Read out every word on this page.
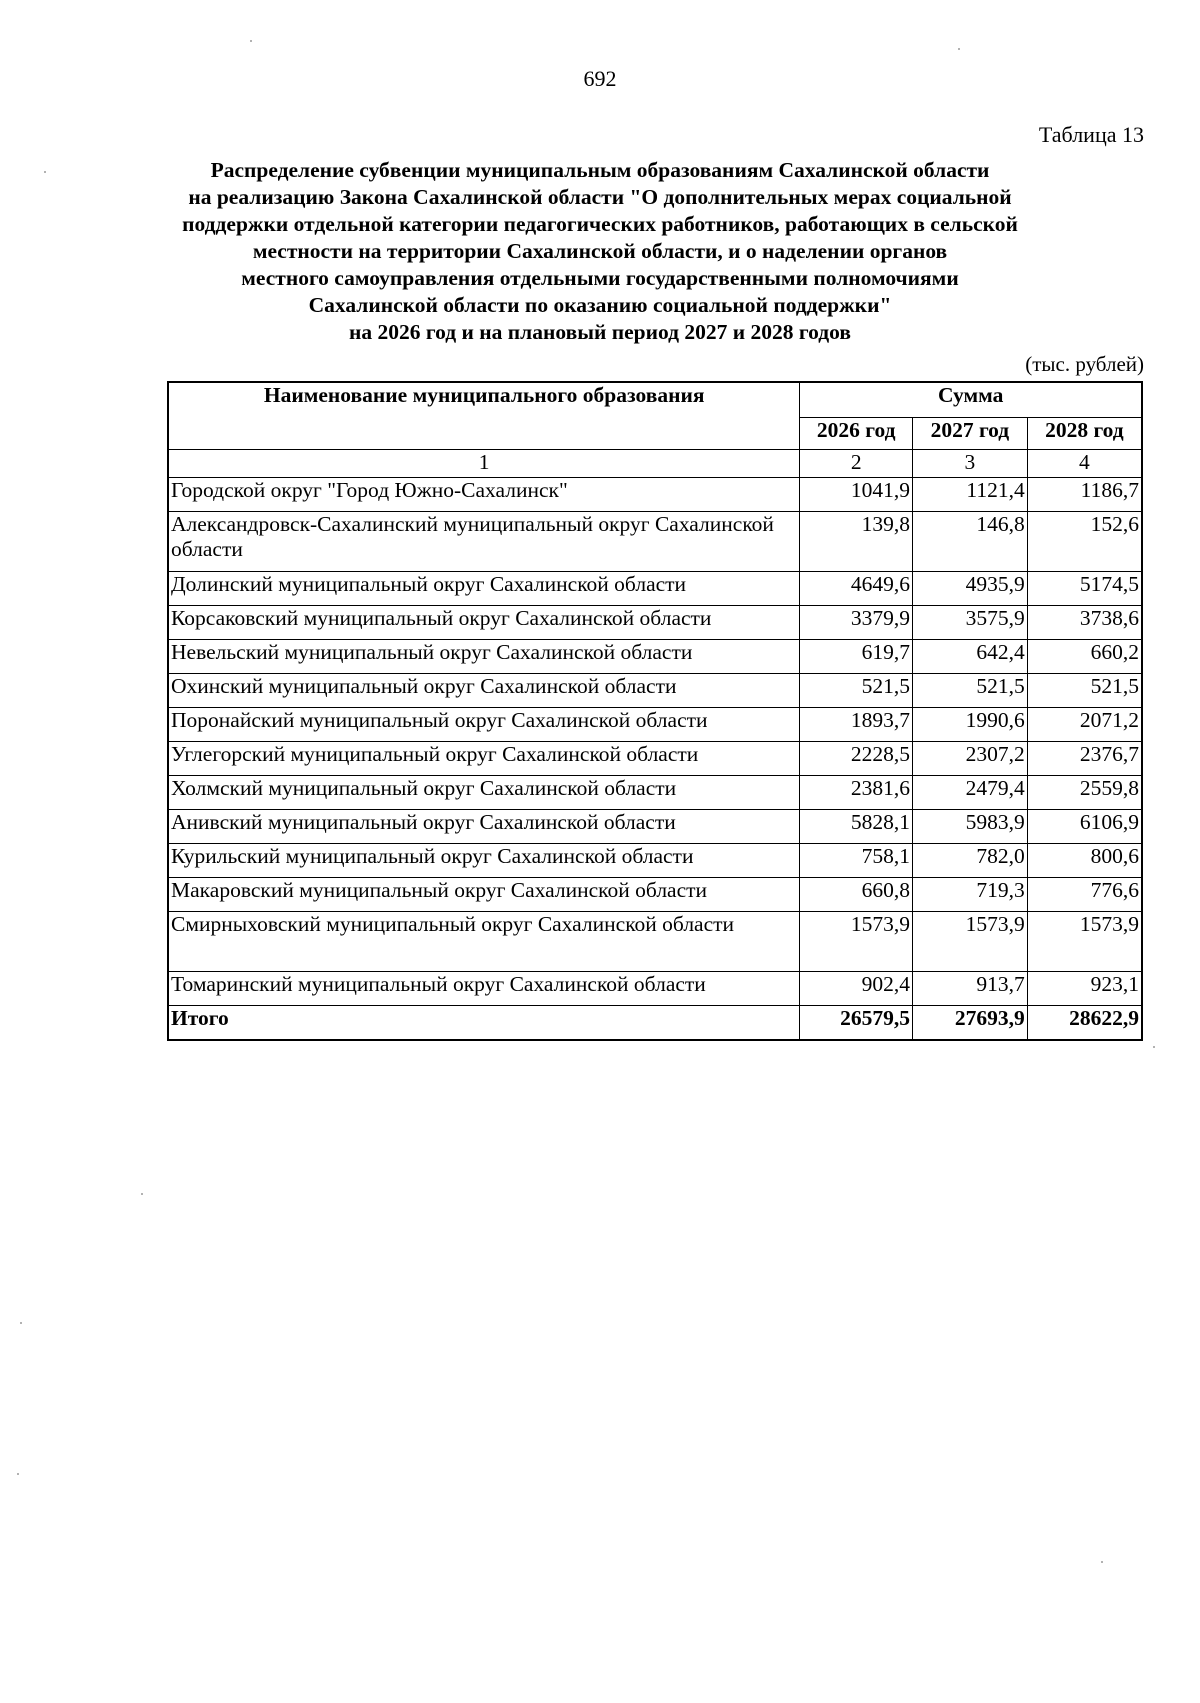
692
Таблица 13
Распределение субвенции муниципальным образованиям Сахалинской области
на реализацию Закона Сахалинской области "О дополнительных мерах социальной
поддержки отдельной категории педагогических работников, работающих в сельской
местности на территории Сахалинской области, и о наделении органов
местного самоуправления отдельными государственными полномочиями
Сахалинской области по оказанию социальной поддержки"
на 2026 год и на плановый период 2027 и 2028 годов
(тыс. рублей)
Наименование муниципального образования	Сумма		
	2026 год	2027 год	2028 год
1	2	3	4
Городской округ "Город Южно-Сахалинск"	1041,9	1121,4	1186,7
Александровск-Сахалинский муниципальный округ Сахалинской области	139,8	146,8	152,6
Долинский муниципальный округ Сахалинской области	4649,6	4935,9	5174,5
Корсаковский муниципальный округ Сахалинской области	3379,9	3575,9	3738,6
Невельский муниципальный округ Сахалинской области	619,7	642,4	660,2
Охинский муниципальный округ Сахалинской области	521,5	521,5	521,5
Поронайский муниципальный округ Сахалинской области	1893,7	1990,6	2071,2
Углегорский муниципальный округ Сахалинской области	2228,5	2307,2	2376,7
Холмский муниципальный округ Сахалинской области	2381,6	2479,4	2559,8
Анивский муниципальный округ Сахалинской области	5828,1	5983,9	6106,9
Курильский муниципальный округ Сахалинской области	758,1	782,0	800,6
Макаровский муниципальный округ Сахалинской области	660,8	719,3	776,6
Смирныховский муниципальный округ Сахалинской области	1573,9	1573,9	1573,9
Томаринский муниципальный округ Сахалинской области	902,4	913,7	923,1
Итого	26579,5	27693,9	28622,9
